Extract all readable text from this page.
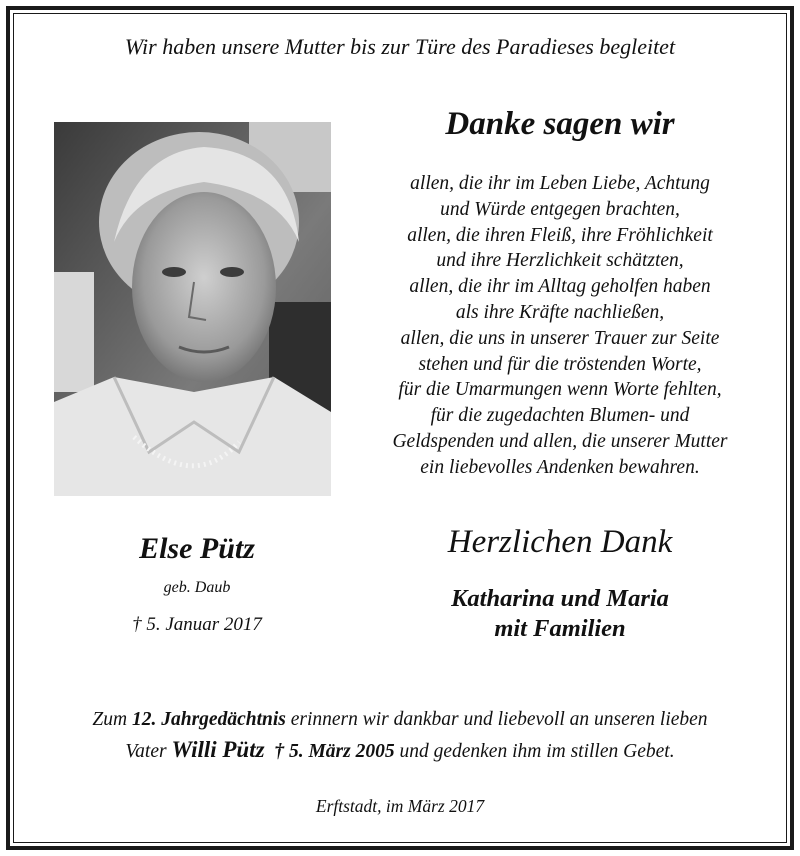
Wir haben unsere Mutter bis zur Türe des Paradieses begleitet
Danke sagen wir
allen, die ihr im Leben Liebe, Achtung
und Würde entgegen brachten,
allen, die ihren Fleiß, ihre Fröhlichkeit
und ihre Herzlichkeit schätzten,
allen, die ihr im Alltag geholfen haben
als ihre Kräfte nachließen,
allen, die uns in unserer Trauer zur Seite
stehen und für die tröstenden Worte,
für die Umarmungen wenn Worte fehlten,
für die zugedachten Blumen- und
Geldspenden und allen, die unserer Mutter
ein liebevolles Andenken bewahren.
Else Pütz
geb. Daub
† 5. Januar 2017
Herzlichen Dank
Katharina und Maria
mit Familien
Zum 12. Jahrgedächtnis erinnern wir dankbar und liebevoll an unseren lieben
Vater Willi Pütz † 5. März 2005 und gedenken ihm im stillen Gebet.
Erftstadt, im März 2017
